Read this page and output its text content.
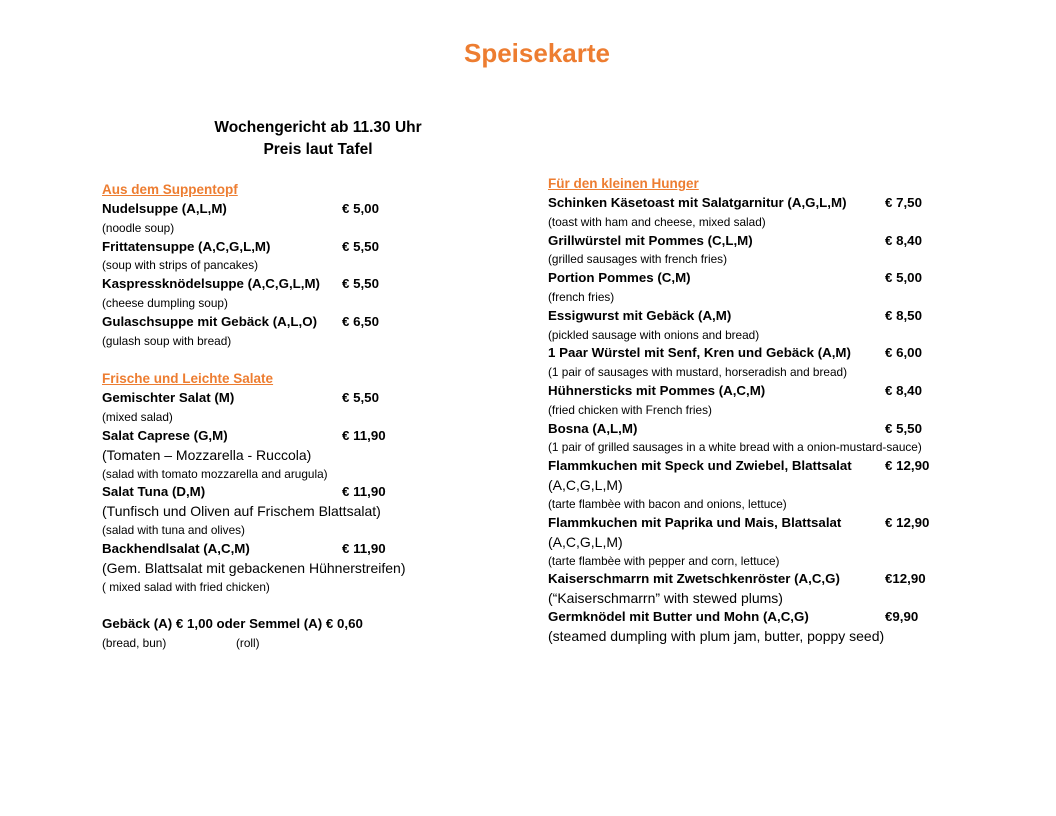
Speisekarte
Wochengericht ab 11.30 Uhr
Preis laut Tafel
Aus dem Suppentopf
Nudelsuppe (A,L,M)	€ 5,00
(noodle soup)
Frittatensuppe (A,C,G,L,M)	€ 5,50
(soup with strips of pancakes)
Kaspressknödelsuppe (A,C,G,L,M) € 5,50
(cheese dumpling soup)
Gulaschsuppe mit Gebäck (A,L,O) € 6,50
(gulash soup with bread)
Frische und Leichte Salate
Gemischter Salat (M)	€ 5,50
(mixed salad)
Salat Caprese (G,M)	€ 11,90
(Tomaten – Mozzarella - Ruccola)
(salad with tomato mozzarella and arugula)
Salat Tuna (D,M)	€ 11,90
(Tunfisch und Oliven auf Frischem Blattsalat)
(salad with tuna and olives)
Backhendlsalat (A,C,M)	€ 11,90
(Gem. Blattsalat mit gebackenen Hühnerstreifen)
( mixed salad with fried chicken)
Gebäck (A) € 1,00 oder Semmel (A) € 0,60
(bread, bun)	(roll)
Für den kleinen Hunger
Schinken Käsetoast mit Salatgarnitur (A,G,L,M)	€ 7,50
(toast with ham and cheese, mixed salad)
Grillwürstel mit Pommes (C,L,M)	€ 8,40
(grilled sausages with french fries)
Portion Pommes (C,M)	€ 5,00
(french fries)
Essigwurst mit Gebäck (A,M)	€ 8,50
(pickled sausage with onions and bread)
1 Paar Würstel mit Senf, Kren und Gebäck (A,M)	€ 6,00
(1 pair of sausages with mustard, horseradish and bread)
Hühnersticks mit Pommes (A,C,M)	€ 8,40
(fried chicken with French fries)
Bosna (A,L,M)	€ 5,50
(1 pair of grilled sausages in a white bread with a onion-mustard-sauce)
Flammkuchen mit Speck und Zwiebel, Blattsalat	€ 12,90
(A,C,G,L,M)
(tarte flambèe with bacon and onions, lettuce)
Flammkuchen mit Paprika und Mais, Blattsalat	€ 12,90
(A,C,G,L,M)
(tarte flambèe with pepper and corn, lettuce)
Kaiserschmarrn mit Zwetschkenröster (A,C,G)	€12,90
(“Kaiserschmarrn” with stewed plums)
Germknödel mit Butter und Mohn (A,C,G)	€9,90
(steamed dumpling with plum jam, butter, poppy seed)
